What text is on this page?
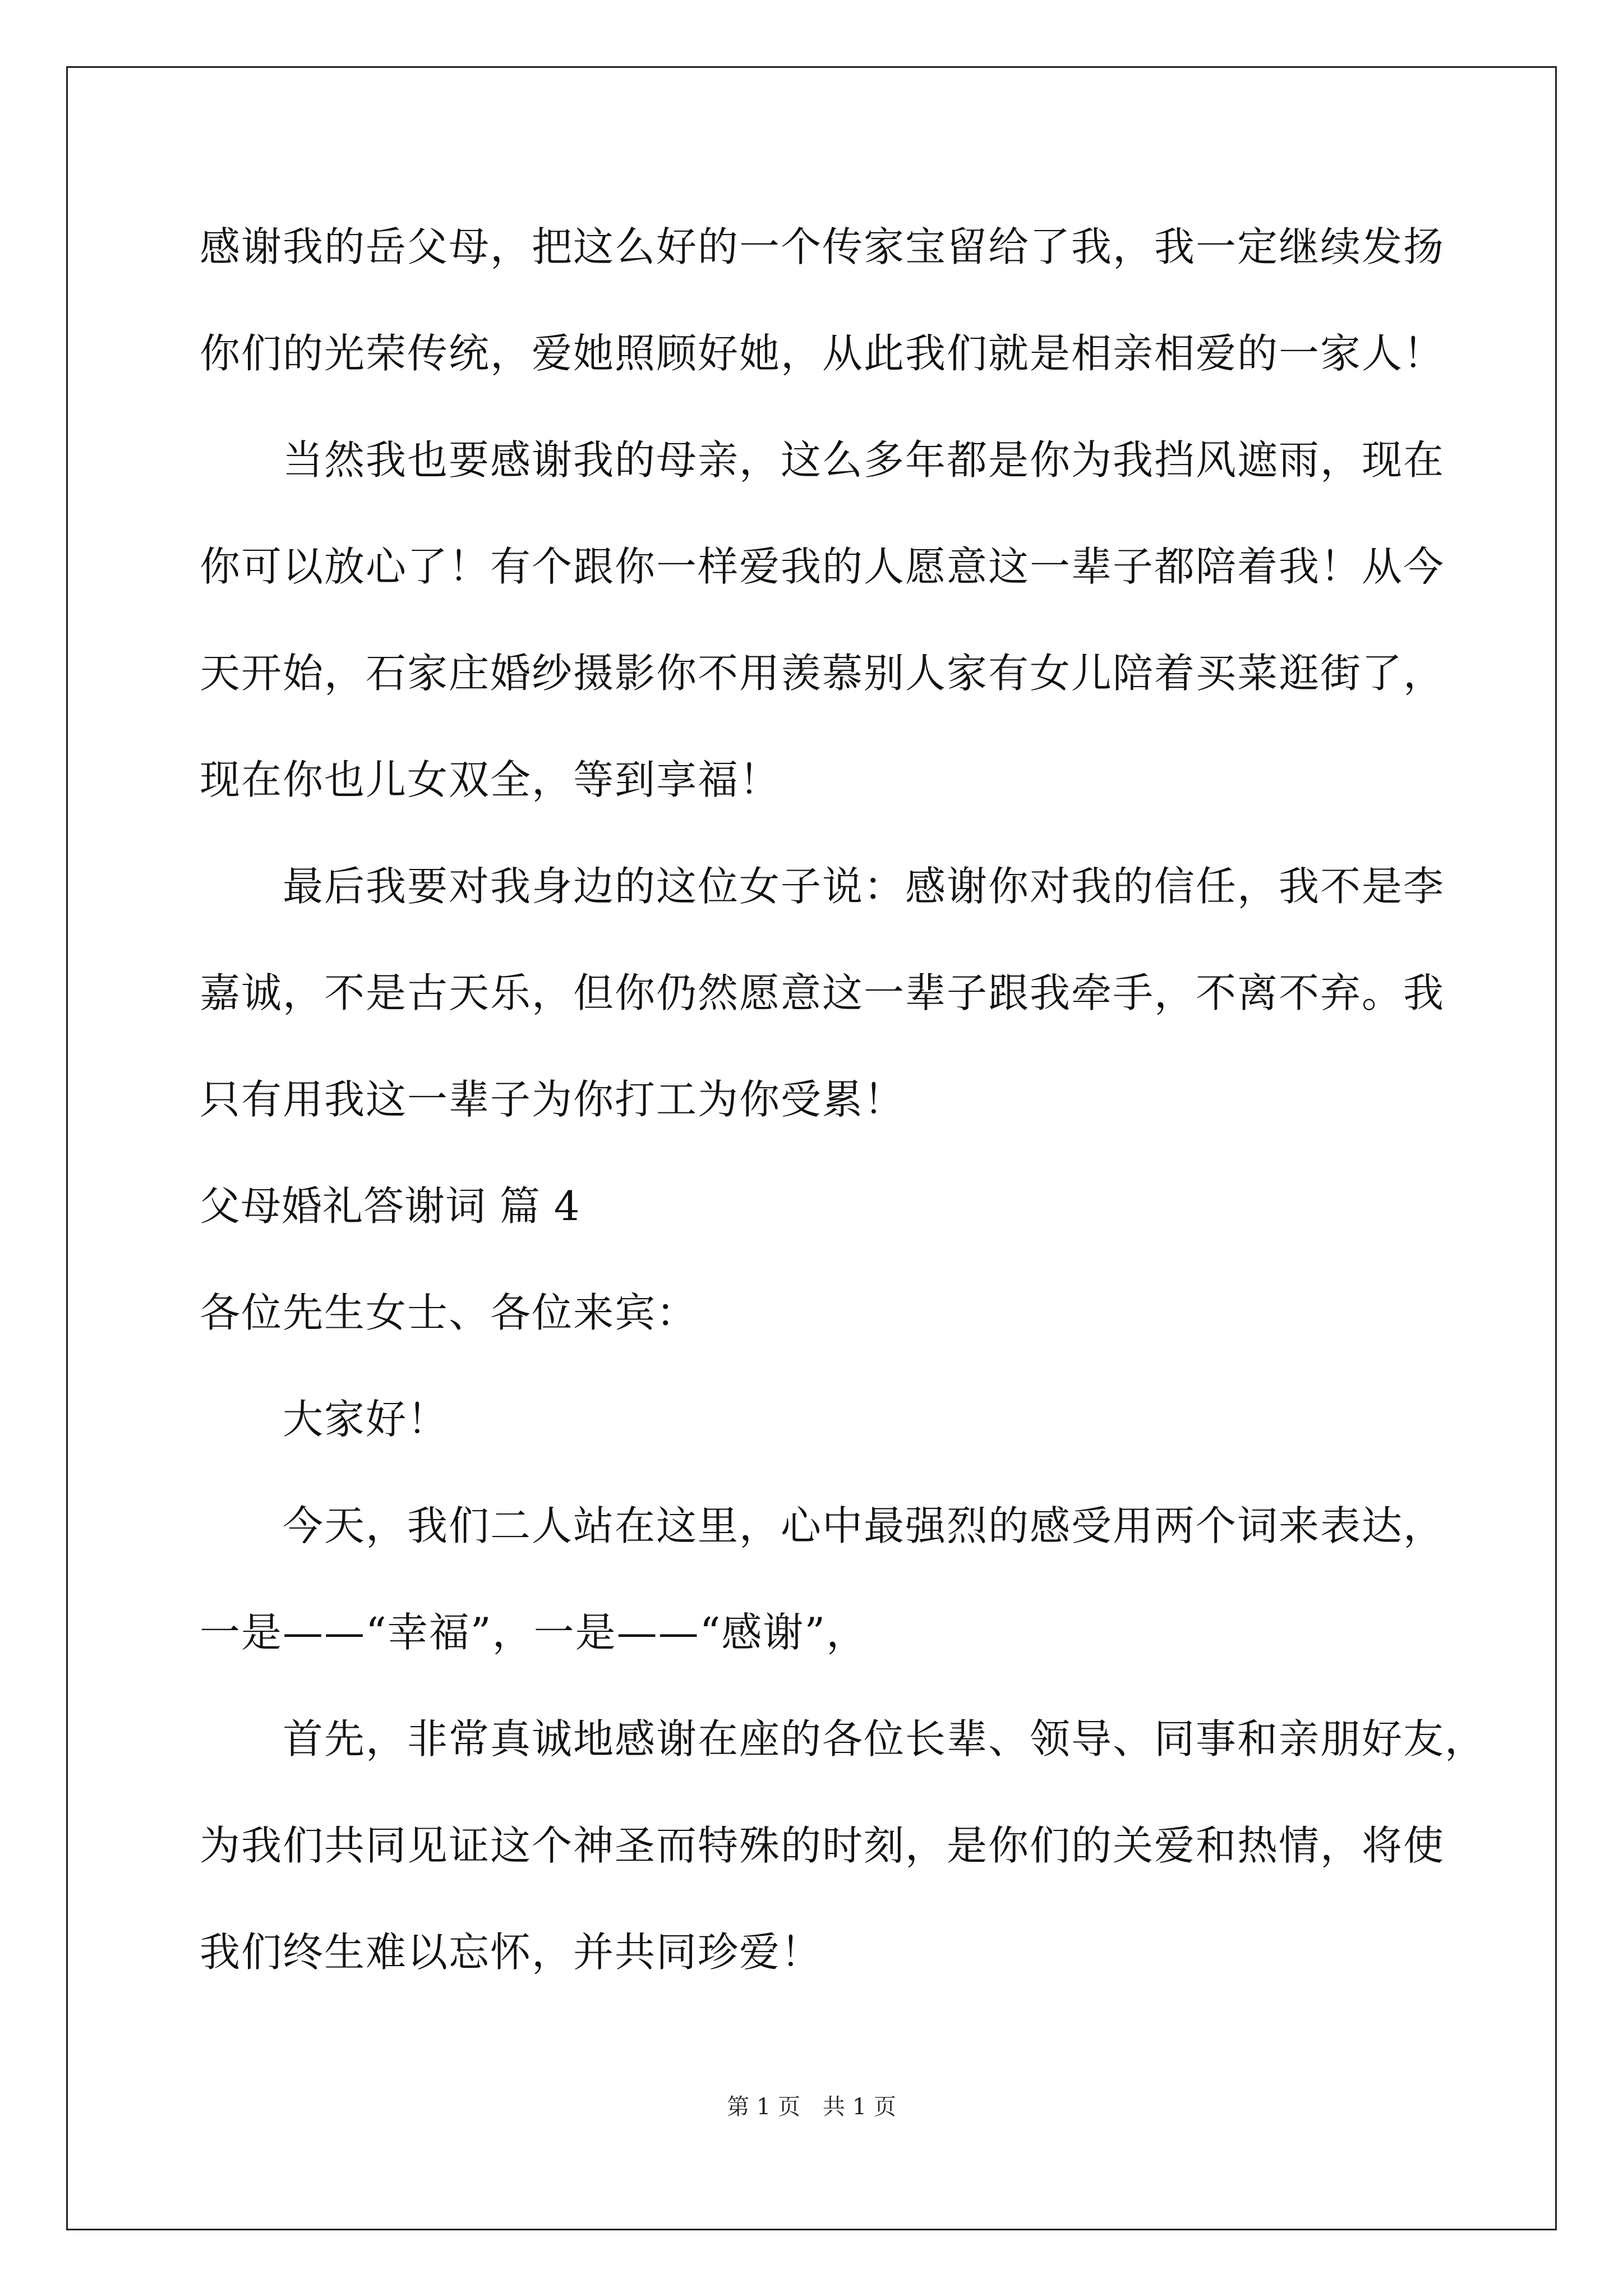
感谢我的岳父母，把这么好的一个传家宝留给了我，我一定继续发扬
你们的光荣传统，爱她照顾好她，从此我们就是相亲相爱的一家人！
当然我也要感谢我的母亲，这么多年都是你为我挡风遮雨，现在
你可以放心了！有个跟你一样爱我的人愿意这一辈子都陪着我！从今
天开始，石家庄婚纱摄影你不用羡慕别人家有女儿陪着买菜逛街了，
现在你也儿女双全，等到享福！
最后我要对我身边的这位女子说：感谢你对我的信任，我不是李
嘉诚，不是古天乐，但你仍然愿意这一辈子跟我牵手，不离不弃。我
只有用我这一辈子为你打工为你受累！
父母婚礼答谢词 篇 4
各位先生女士、各位来宾：
大家好！
今天，我们二人站在这里，心中最强烈的感受用两个词来表达，
一是——“幸福”，一是——“感谢”，
首先，非常真诚地感谢在座的各位长辈、领导、同事和亲朋好友，
为我们共同见证这个神圣而特殊的时刻，是你们的关爱和热情，将使
我们终生难以忘怀，并共同珍爱！
第 1 页　共 1 页
